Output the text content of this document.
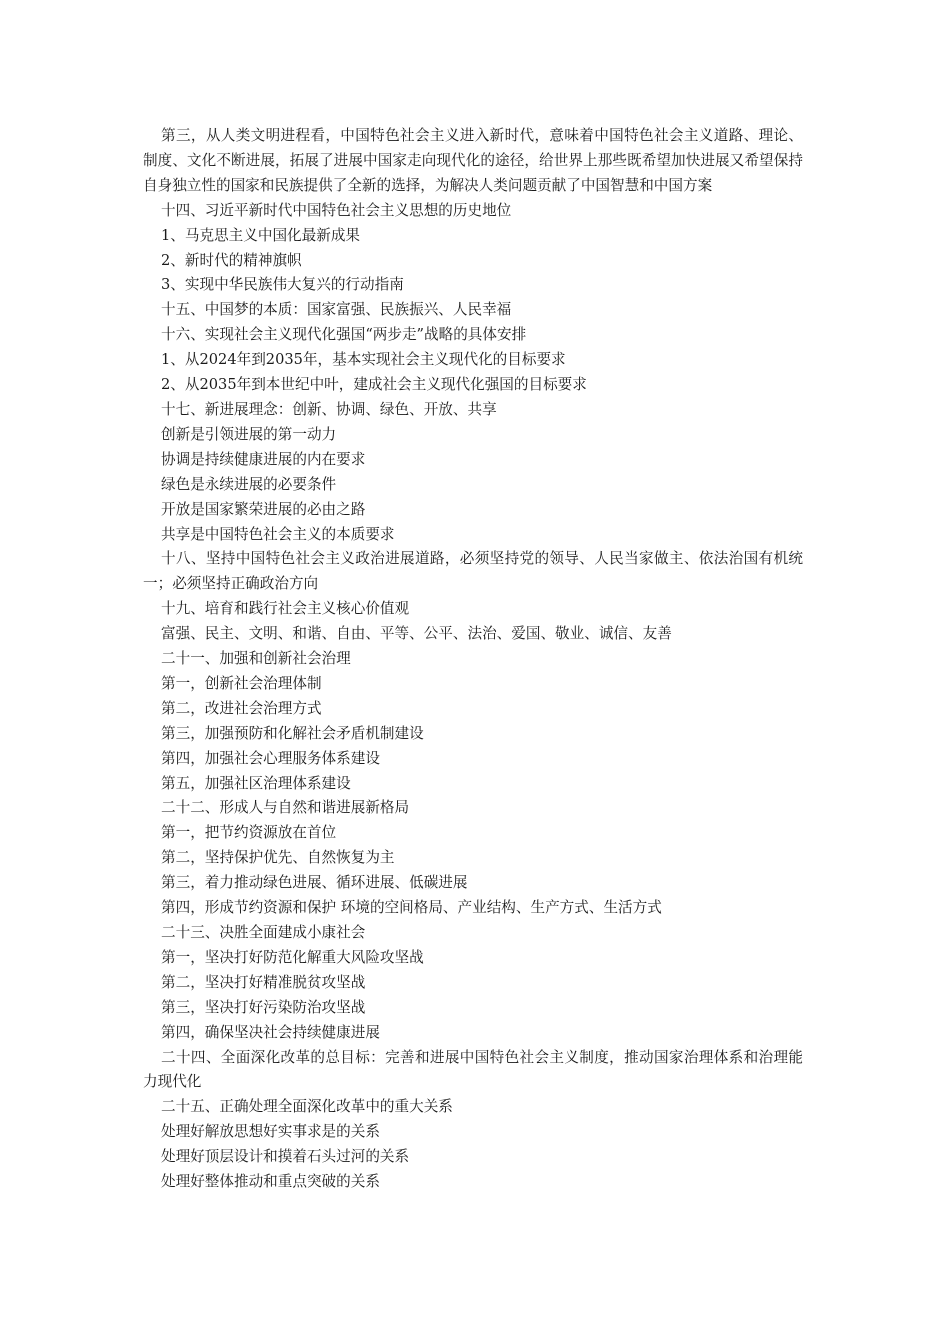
第三，从人类文明进程看，中国特色社会主义进入新时代，意味着中国特色社会主义道路、理论、制度、文化不断进展，拓展了进展中国家走向现代化的途径，给世界上那些既希望加快进展又希望保持自身独立性的国家和民族提供了全新的选择，为解决人类问题贡献了中国智慧和中国方案

十四、习近平新时代中国特色社会主义思想的历史地位

1、马克思主义中国化最新成果

2、新时代的精神旗帜

3、实现中华民族伟大复兴的行动指南

十五、中国梦的本质：国家富强、民族振兴、人民幸福

十六、实现社会主义现代化强国“两步走”战略的具体安排

1、从2024年到2035年，基本实现社会主义现代化的目标要求

2、从2035年到本世纪中叶，建成社会主义现代化强国的目标要求

十七、新进展理念：创新、协调、绿色、开放、共享

创新是引领进展的第一动力

协调是持续健康进展的内在要求

绿色是永续进展的必要条件

开放是国家繁荣进展的必由之路

共享是中国特色社会主义的本质要求

十八、坚持中国特色社会主义政治进展道路，必须坚持党的领导、人民当家做主、依法治国有机统一；必须坚持正确政治方向

十九、培育和践行社会主义核心价值观

富强、民主、文明、和谐、自由、平等、公平、法治、爱国、敬业、诚信、友善

二十一、加强和创新社会治理

第一，创新社会治理体制

第二，改进社会治理方式

第三，加强预防和化解社会矛盾机制建设

第四，加强社会心理服务体系建设

第五，加强社区治理体系建设

二十二、形成人与自然和谐进展新格局

第一，把节约资源放在首位

第二，坚持保护优先、自然恢复为主

第三，着力推动绿色进展、循环进展、低碳进展

第四，形成节约资源和保护 环境的空间格局、产业结构、生产方式、生活方式

二十三、决胜全面建成小康社会

第一，坚决打好防范化解重大风险攻坚战

第二，坚决打好精准脱贫攻坚战

第三，坚决打好污染防治攻坚战

第四，确保坚决社会持续健康进展

二十四、全面深化改革的总目标：完善和进展中国特色社会主义制度，推动国家治理体系和治理能力现代化

二十五、正确处理全面深化改革中的重大关系

处理好解放思想好实事求是的关系

处理好顶层设计和摸着石头过河的关系

处理好整体推动和重点突破的关系
